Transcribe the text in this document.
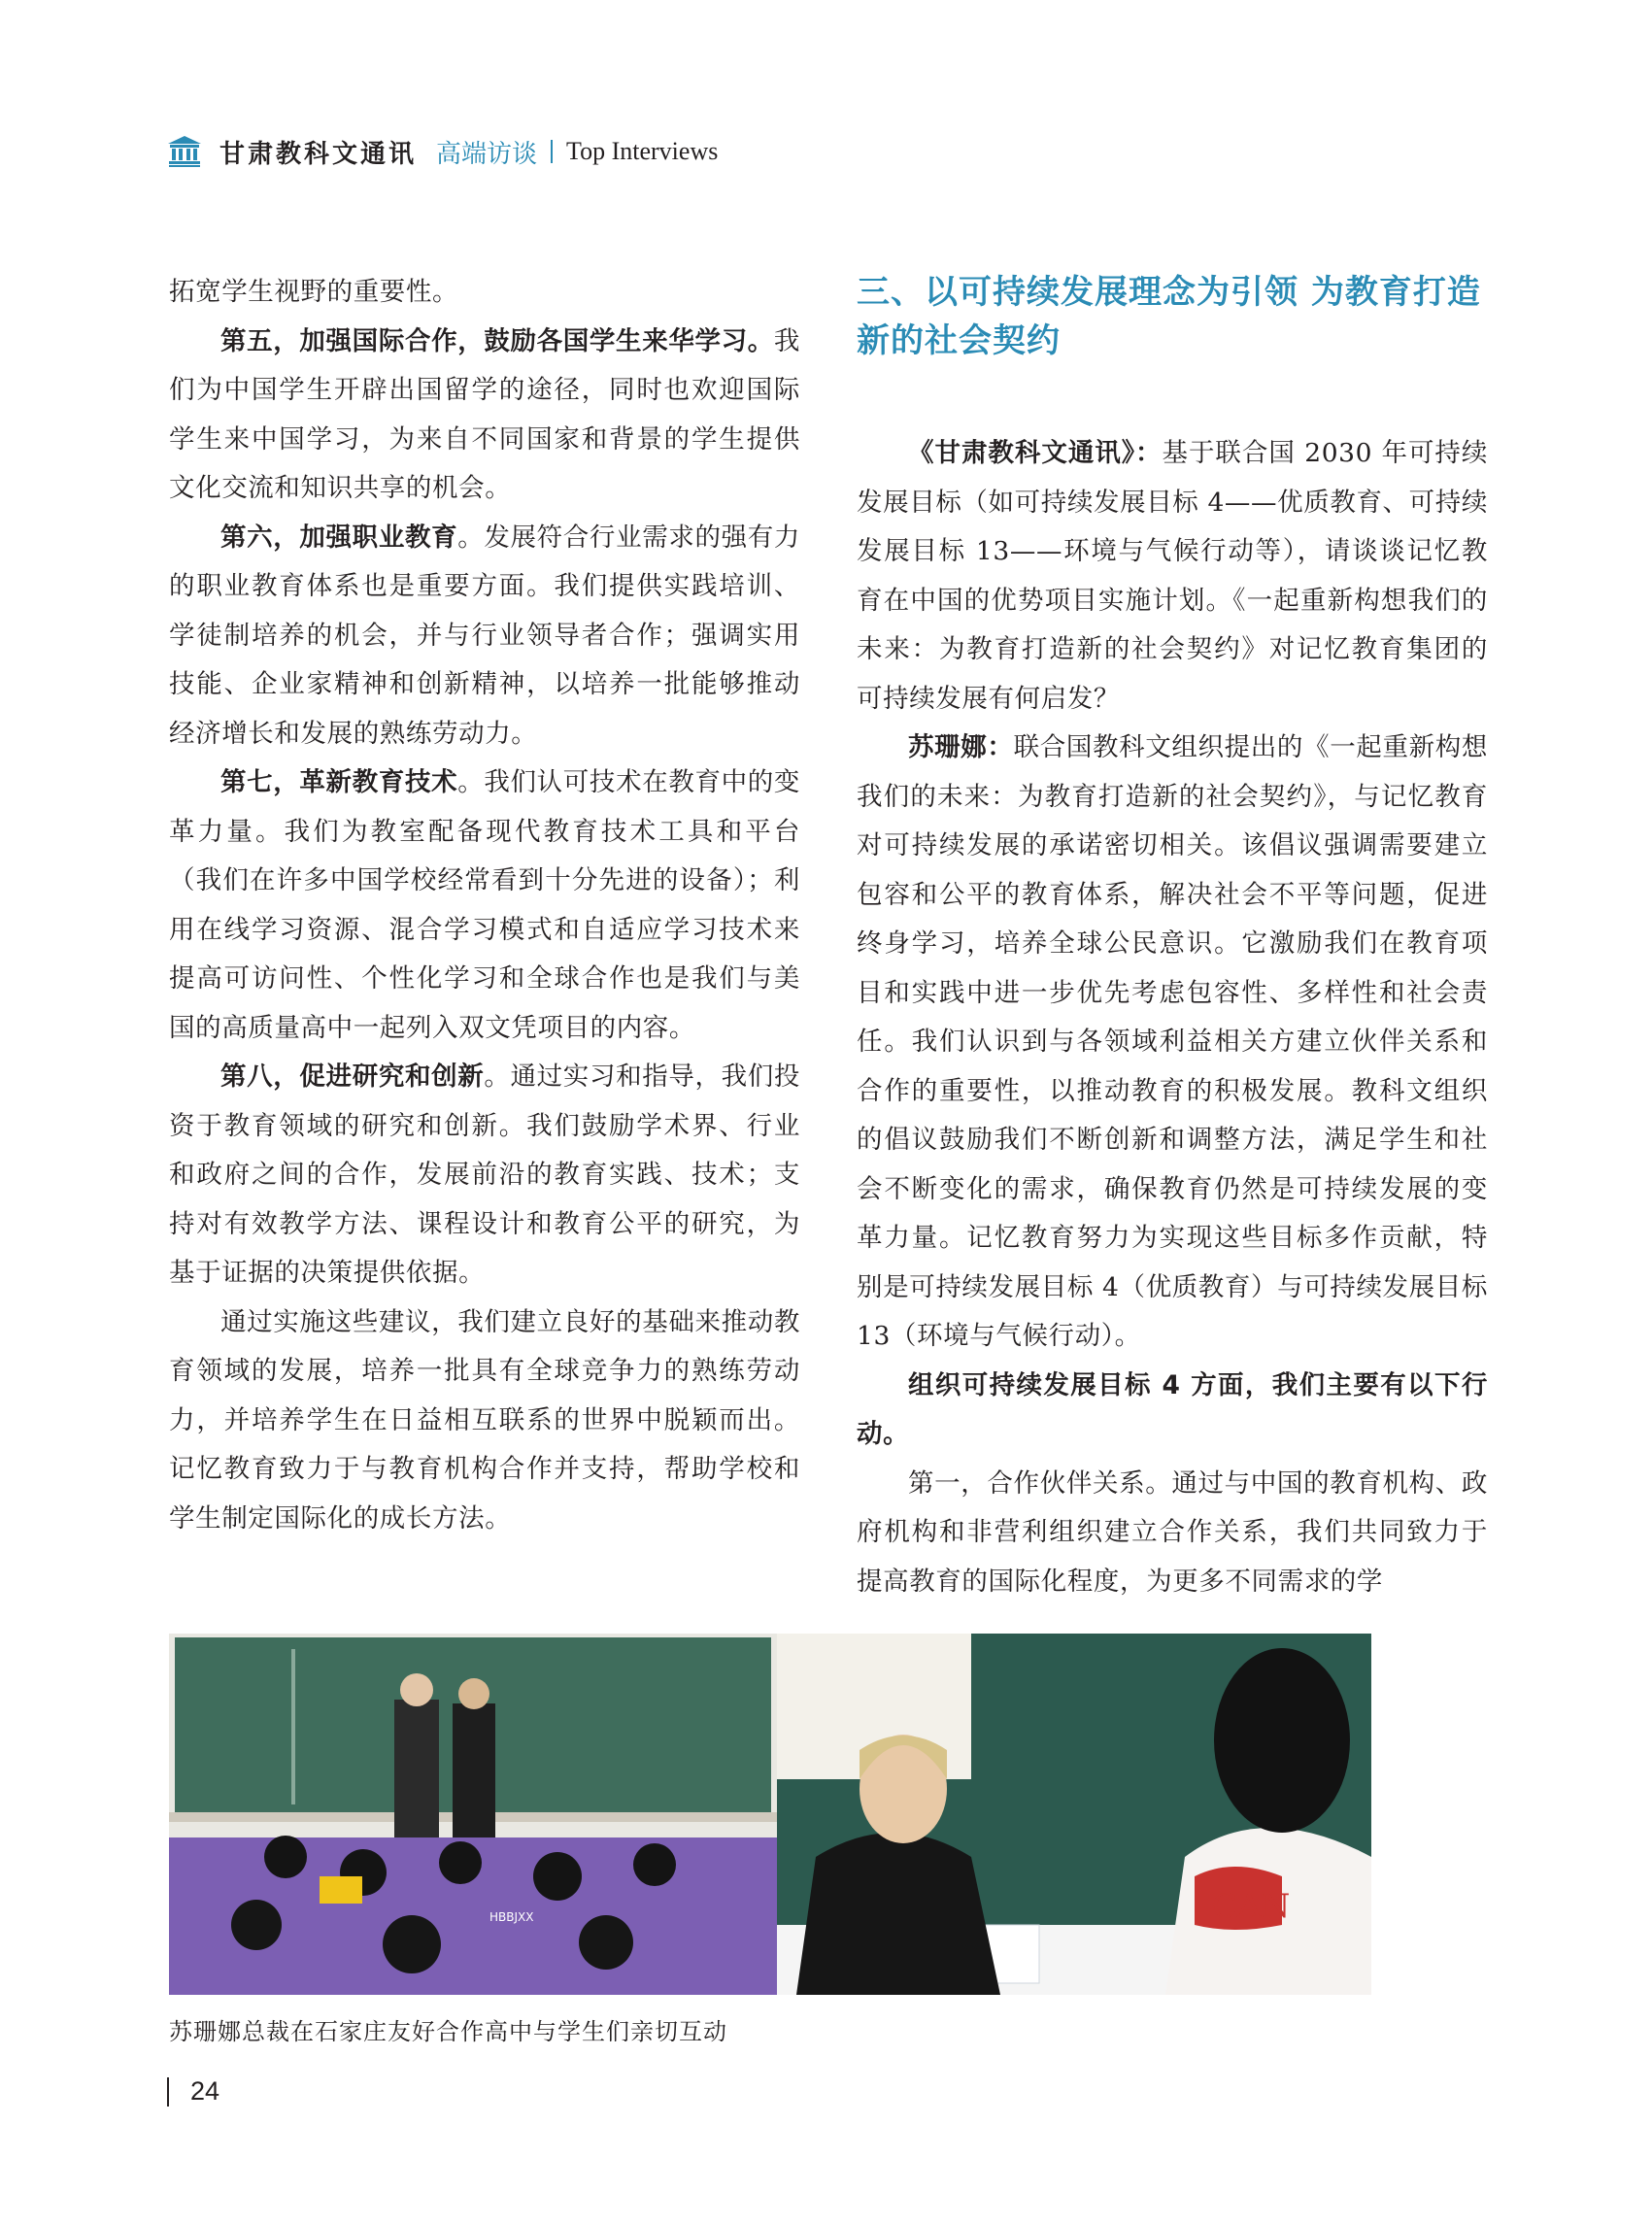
甘肃教科文通讯 高端访谈 Top Interviews

拓宽学生视野的重要性。

第五，加强国际合作，鼓励各国学生来华学习。我们为中国学生开辟出国留学的途径，同时也欢迎国际学生来中国学习，为来自不同国家和背景的学生提供文化交流和知识共享的机会。

第六，加强职业教育。发展符合行业需求的强有力的职业教育体系也是重要方面。我们提供实践培训、学徒制培养的机会，并与行业领导者合作；强调实用技能、企业家精神和创新精神，以培养一批能够推动经济增长和发展的熟练劳动力。

第七，革新教育技术。我们认可技术在教育中的变革力量。我们为教室配备现代教育技术工具和平台（我们在许多中国学校经常看到十分先进的设备）；利用在线学习资源、混合学习模式和自适应学习技术来提高可访问性、个性化学习和全球合作也是我们与美国的高质量高中一起列入双文凭项目的内容。

第八，促进研究和创新。通过实习和指导，我们投资于教育领域的研究和创新。我们鼓励学术界、行业和政府之间的合作，发展前沿的教育实践、技术；支持对有效教学方法、课程设计和教育公平的研究，为基于证据的决策提供依据。

通过实施这些建议，我们建立良好的基础来推动教育领域的发展，培养一批具有全球竞争力的熟练劳动力，并培养学生在日益相互联系的世界中脱颖而出。记忆教育致力于与教育机构合作并支持，帮助学校和学生制定国际化的成长方法。

三、以可持续发展理念为引领 为教育打造新的社会契约

《甘肃教科文通讯》：基于联合国 2030 年可持续发展目标（如可持续发展目标 4——优质教育、可持续发展目标 13——环境与气候行动等），请谈谈记忆教育在中国的优势项目实施计划。《一起重新构想我们的未来：为教育打造新的社会契约》对记忆教育集团的可持续发展有何启发？

苏珊娜：联合国教科文组织提出的《一起重新构想我们的未来：为教育打造新的社会契约》，与记忆教育对可持续发展的承诺密切相关。该倡议强调需要建立包容和公平的教育体系，解决社会不平等问题，促进终身学习，培养全球公民意识。它激励我们在教育项目和实践中进一步优先考虑包容性、多样性和社会责任。我们认识到与各领域利益相关方建立伙伴关系和合作的重要性，以推动教育的积极发展。教科文组织的倡议鼓励我们不断创新和调整方法，满足学生和社会不断变化的需求，确保教育仍然是可持续发展的变革力量。记忆教育努力为实现这些目标多作贡献，特别是可持续发展目标 4（优质教育）与可持续发展目标 13（环境与气候行动）。

组织可持续发展目标 4 方面，我们主要有以下行动。

第一，合作伙伴关系。通过与中国的教育机构、政府机构和非营利组织建立合作关系，我们共同致力于提高教育的国际化程度，为更多不同需求的学

HBBJXX	CAN
苏珊娜总裁在石家庄友好合作高中与学生们亲切互动
24
